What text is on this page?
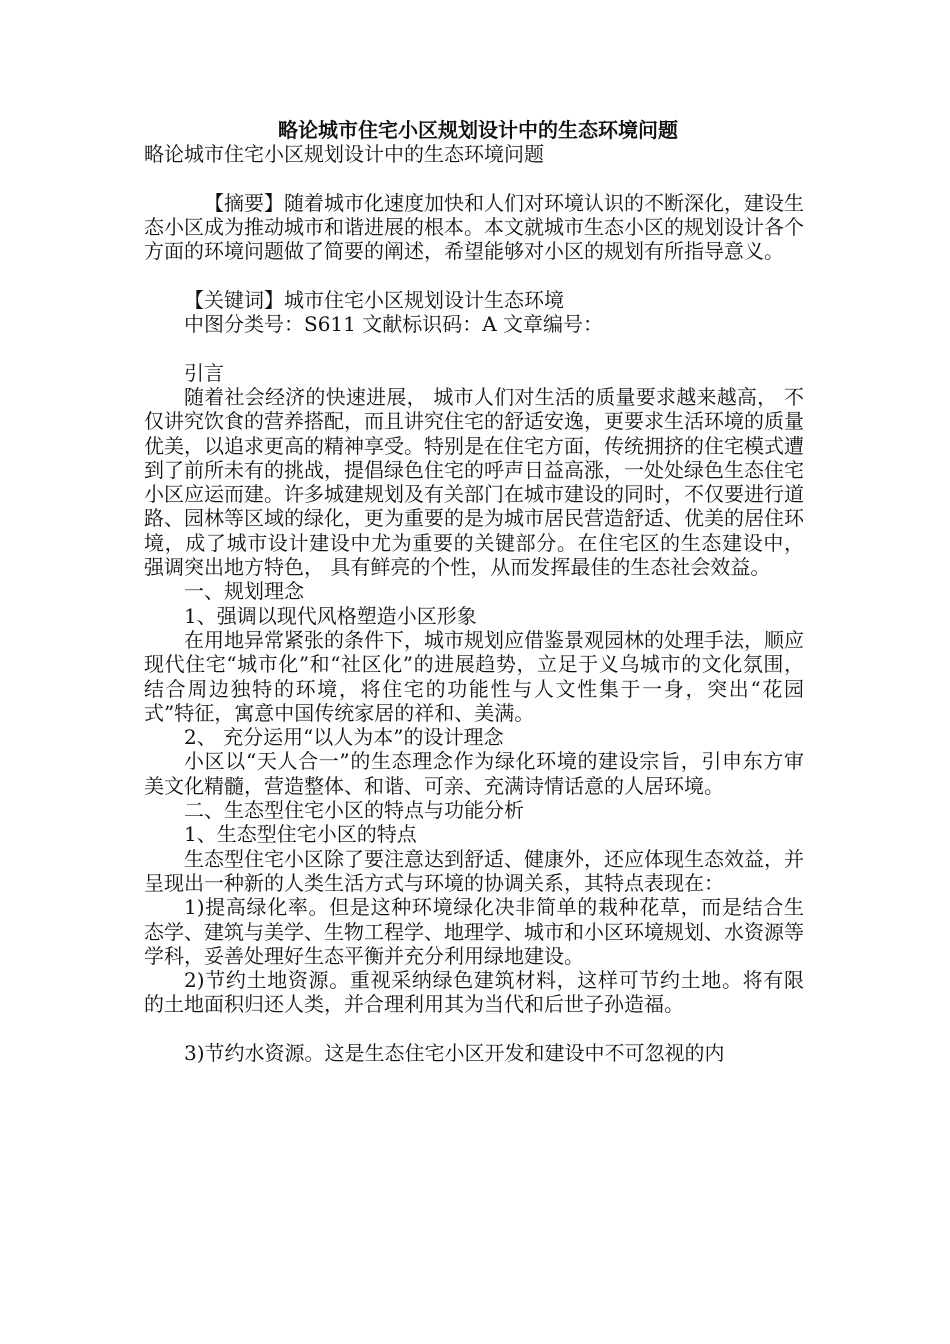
略论城市住宅小区规划设计中的生态环境问题

略论城市住宅小区规划设计中的生态环境问题

【摘要】随着城市化速度加快和人们对环境认识的不断深化，建设生态小区成为推动城市和谐进展的根本。本文就城市生态小区的规划设计各个方面的环境问题做了简要的阐述，希望能够对小区的规划有所指导意义。

【关键词】城市住宅小区规划设计生态环境

中图分类号：S611 文献标识码：A 文章编号：

引言

随着社会经济的快速进展， 城市人们对生活的质量要求越来越高， 不仅讲究饮食的营养搭配，而且讲究住宅的舒适安逸，更要求生活环境的质量优美，以追求更高的精神享受。特别是在住宅方面，传统拥挤的住宅模式遭到了前所未有的挑战，提倡绿色住宅的呼声日益高涨，一处处绿色生态住宅小区应运而建。许多城建规划及有关部门在城市建设的同时，不仅要进行道路、园林等区域的绿化，更为重要的是为城市居民营造舒适、优美的居住环境，成了城市设计建设中尤为重要的关键部分。在住宅区的生态建设中， 强调突出地方特色， 具有鲜亮的个性，从而发挥最佳的生态社会效益。

一、规划理念

1、强调以现代风格塑造小区形象

在用地异常紧张的条件下，城市规划应借鉴景观园林的处理手法，顺应现代住宅“城市化”和“社区化”的进展趋势，立足于义乌城市的文化氛围，结合周边独特的环境，将住宅的功能性与人文性集于一身，突出“花园式”特征，寓意中国传统家居的祥和、美满。

2、 充分运用“以人为本”的设计理念

小区以“天人合一”的生态理念作为绿化环境的建设宗旨，引申东方审美文化精髓，营造整体、和谐、可亲、充满诗情话意的人居环境。

二、生态型住宅小区的特点与功能分析

1、生态型住宅小区的特点

生态型住宅小区除了要注意达到舒适、健康外，还应体现生态效益，并呈现出一种新的人类生活方式与环境的协调关系，其特点表现在：

1)提高绿化率。但是这种环境绿化决非简单的栽种花草，而是结合生态学、建筑与美学、生物工程学、地理学、城市和小区环境规划、水资源等学科，妥善处理好生态平衡并充分利用绿地建设。

2)节约土地资源。重视采纳绿色建筑材料，这样可节约土地。将有限的土地面积归还人类，并合理利用其为当代和后世子孙造福。

3)节约水资源。这是生态住宅小区开发和建设中不可忽视的内
